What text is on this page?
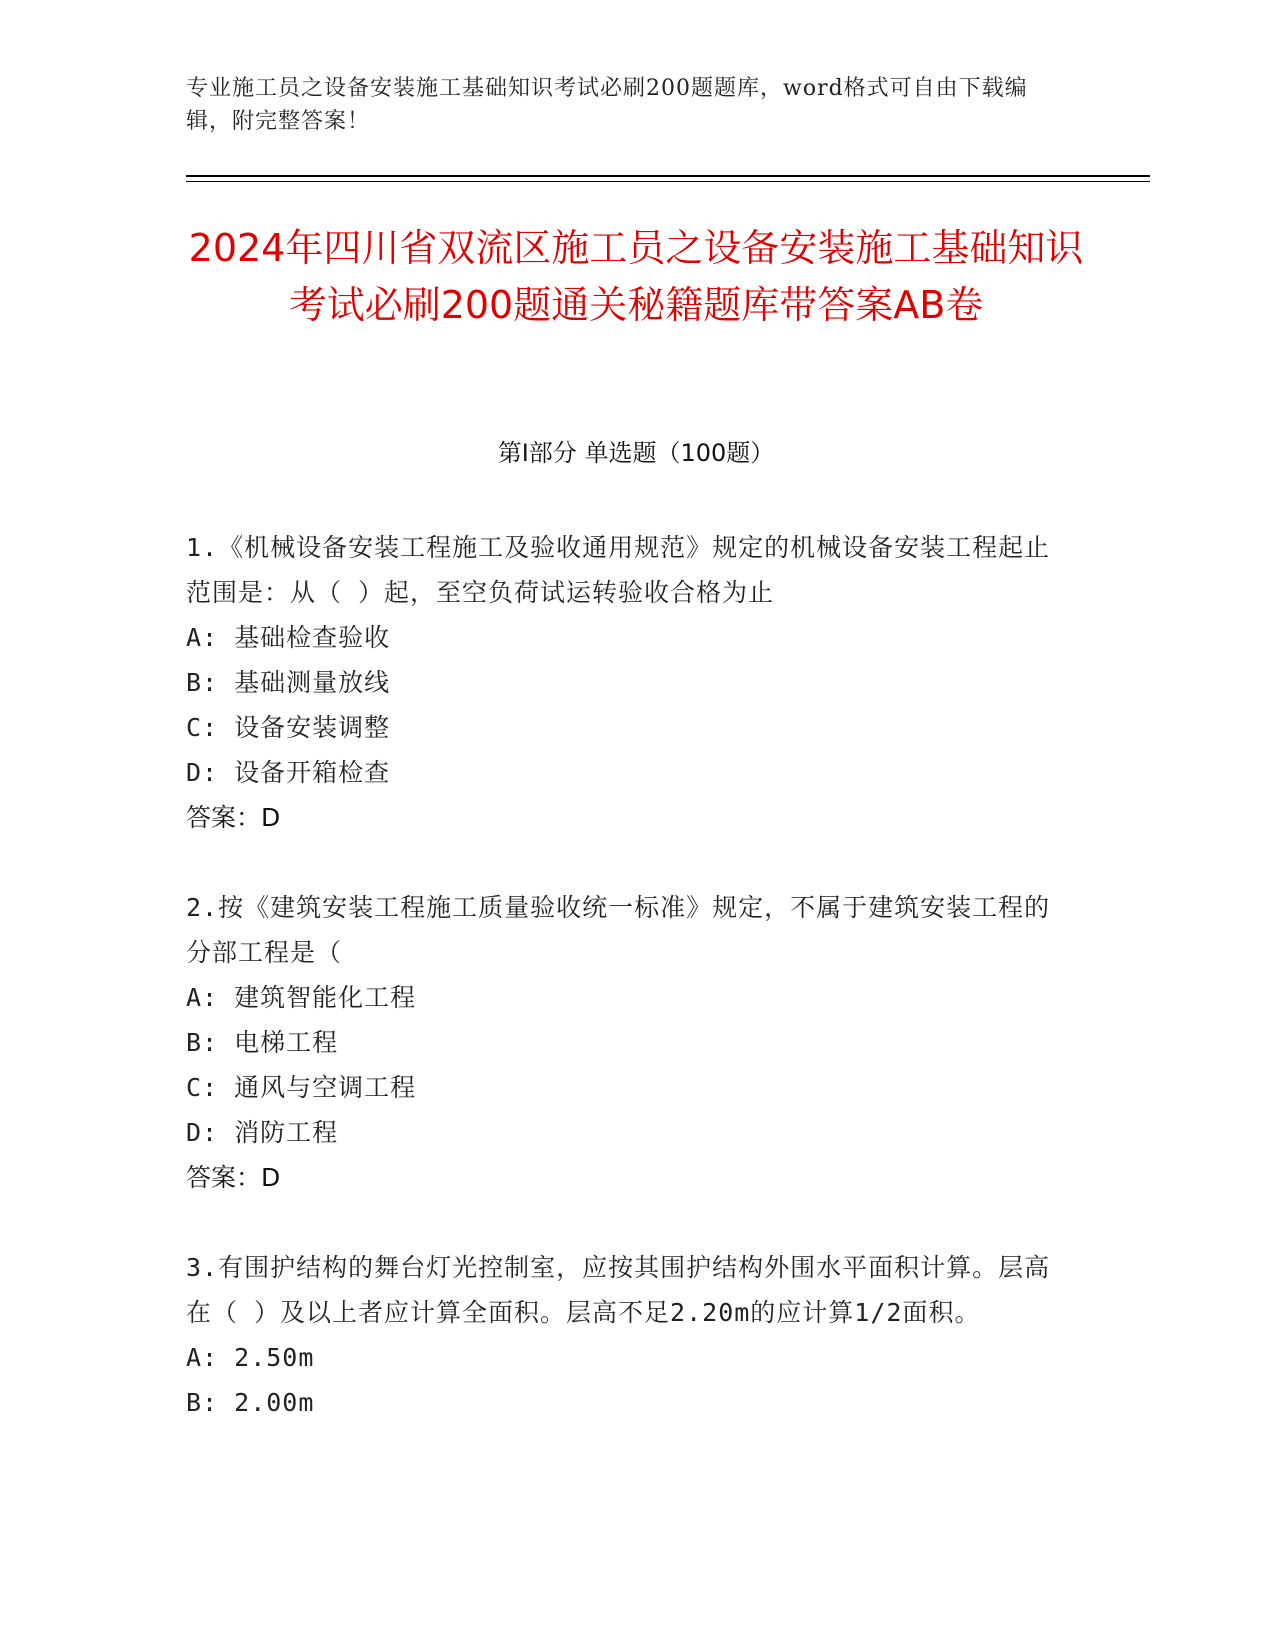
专业施工员之设备安装施工基础知识考试必刷200题题库，word格式可自由下载编辑，附完整答案！
2024年四川省双流区施工员之设备安装施工基础知识考试必刷200题通关秘籍题库带答案AB卷
第Ⅰ部分 单选题（100题）
1.《机械设备安装工程施工及验收通用规范》规定的机械设备安装工程起止范围是：从（ ）起，至空负荷试运转验收合格为止
A: 基础检查验收
B: 基础测量放线
C: 设备安装调整
D: 设备开箱检查
答案：D
2.按《建筑安装工程施工质量验收统一标准》规定，不属于建筑安装工程的分部工程是（
A: 建筑智能化工程
B: 电梯工程
C: 通风与空调工程
D: 消防工程
答案：D
3.有围护结构的舞台灯光控制室，应按其围护结构外围水平面积计算。层高在（ ）及以上者应计算全面积。层高不足2.20m的应计算1/2面积。
A: 2.50m
B: 2.00m
